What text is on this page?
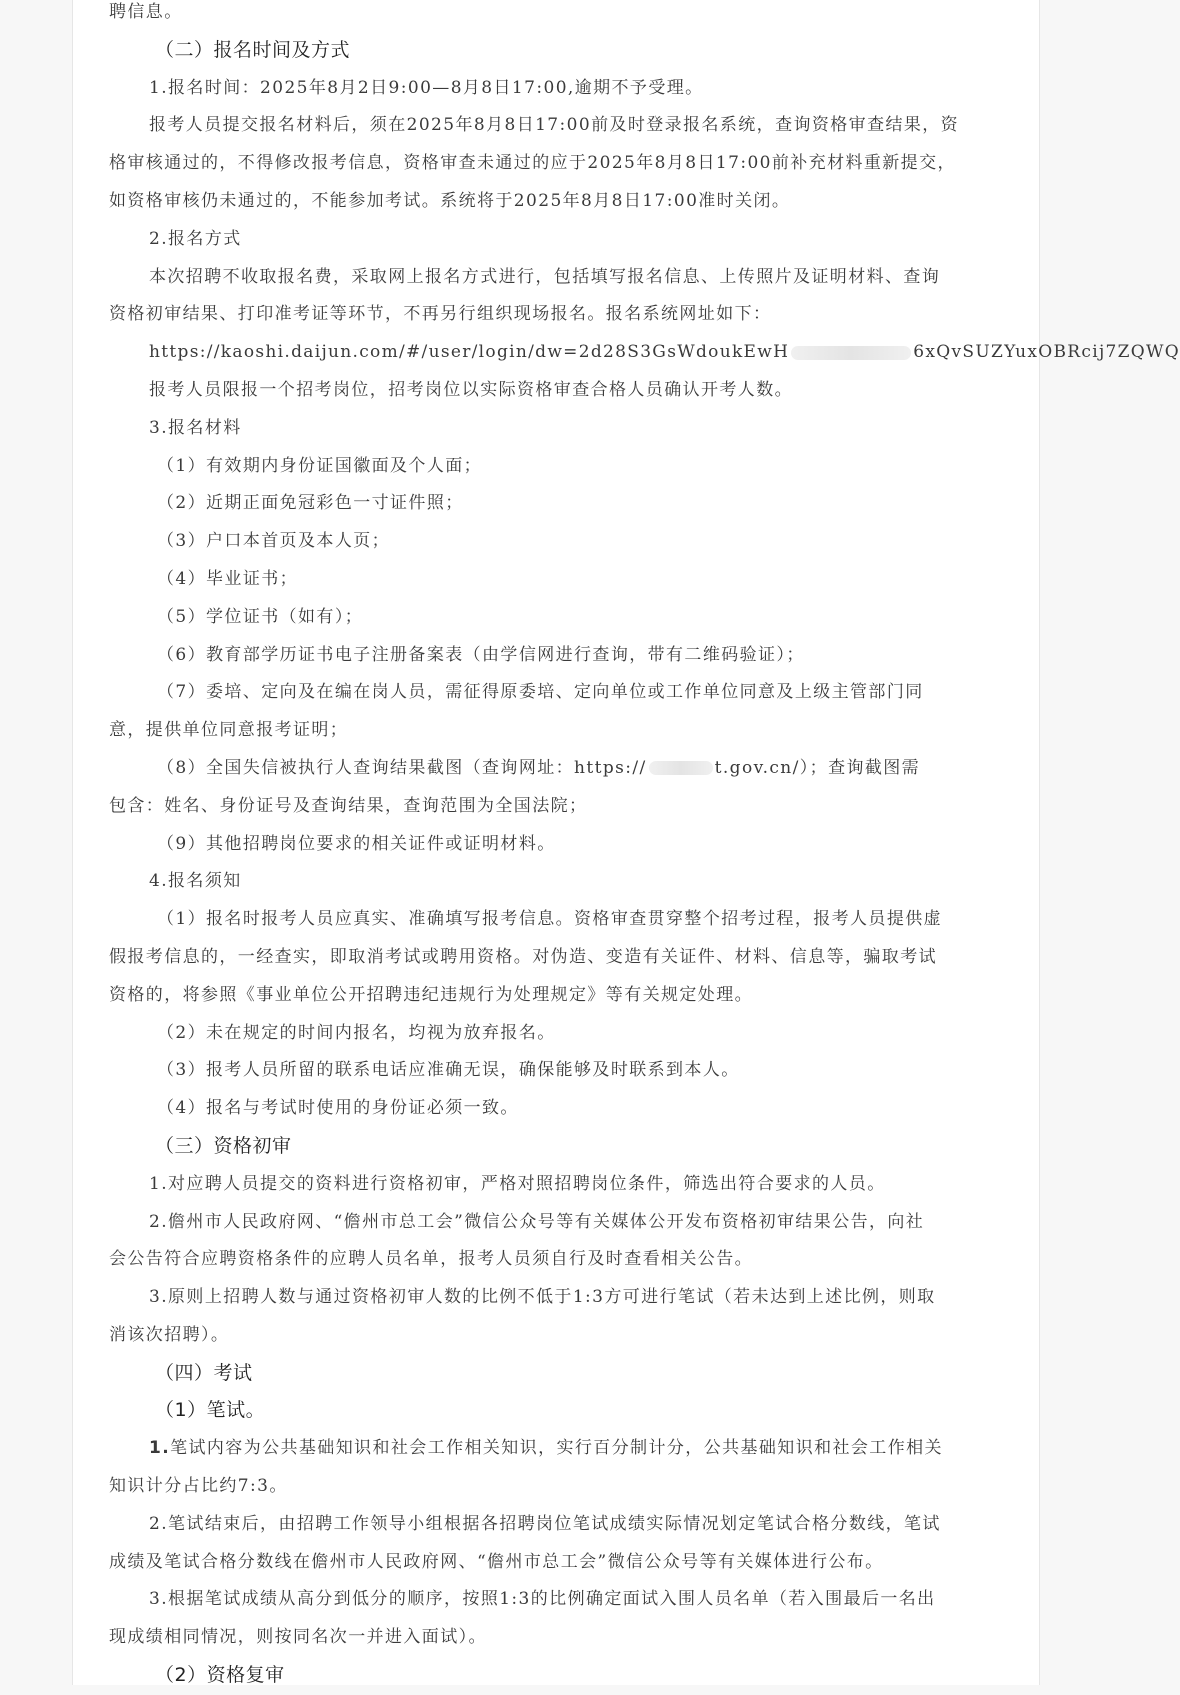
聘信息。
（二）报名时间及方式
1.报名时间：2025年8月2日9:00—8月8日17:00,逾期不予受理。
报考人员提交报名材料后，须在2025年8月8日17:00前及时登录报名系统，查询资格审查结果，资
格审核通过的，不得修改报考信息，资格审查未通过的应于2025年8月8日17:00前补充材料重新提交，
如资格审核仍未通过的，不能参加考试。系统将于2025年8月8日17:00准时关闭。
2.报名方式
本次招聘不收取报名费，采取网上报名方式进行，包括填写报名信息、上传照片及证明材料、查询
资格初审结果、打印准考证等环节，不再另行组织现场报名。报名系统网址如下：
https://kaoshi.daijun.com/#/user/login/dw=2d28S3GsWdoukEwH	6xQvSUZYuxOBRcij7ZQWQ
报考人员限报一个招考岗位，招考岗位以实际资格审查合格人员确认开考人数。
3.报名材料
（1）有效期内身份证国徽面及个人面；
（2）近期正面免冠彩色一寸证件照；
（3）户口本首页及本人页；
（4）毕业证书；
（5）学位证书（如有）；
（6）教育部学历证书电子注册备案表（由学信网进行查询，带有二维码验证）；
（7）委培、定向及在编在岗人员，需征得原委培、定向单位或工作单位同意及上级主管部门同
意，提供单位同意报考证明；
（8）全国失信被执行人查询结果截图（查询网址：https://	t.gov.cn/）；查询截图需
包含：姓名、身份证号及查询结果，查询范围为全国法院；
（9）其他招聘岗位要求的相关证件或证明材料。
4.报名须知
（1）报名时报考人员应真实、准确填写报考信息。资格审查贯穿整个招考过程，报考人员提供虚
假报考信息的，一经查实，即取消考试或聘用资格。对伪造、变造有关证件、材料、信息等，骗取考试
资格的，将参照《事业单位公开招聘违纪违规行为处理规定》等有关规定处理。
（2）未在规定的时间内报名，均视为放弃报名。
（3）报考人员所留的联系电话应准确无误，确保能够及时联系到本人。
（4）报名与考试时使用的身份证必须一致。
（三）资格初审
1.对应聘人员提交的资料进行资格初审，严格对照招聘岗位条件，筛选出符合要求的人员。
2.儋州市人民政府网、“儋州市总工会”微信公众号等有关媒体公开发布资格初审结果公告，向社
会公告符合应聘资格条件的应聘人员名单，报考人员须自行及时查看相关公告。
3.原则上招聘人数与通过资格初审人数的比例不低于1:3方可进行笔试（若未达到上述比例，则取
消该次招聘）。
（四）考试
（1）笔试。
1.笔试内容为公共基础知识和社会工作相关知识，实行百分制计分，公共基础知识和社会工作相关
知识计分占比约7:3。
2.笔试结束后，由招聘工作领导小组根据各招聘岗位笔试成绩实际情况划定笔试合格分数线，笔试
成绩及笔试合格分数线在儋州市人民政府网、“儋州市总工会”微信公众号等有关媒体进行公布。
3.根据笔试成绩从高分到低分的顺序，按照1:3的比例确定面试入围人员名单（若入围最后一名出
现成绩相同情况，则按同名次一并进入面试）。
（2）资格复审
